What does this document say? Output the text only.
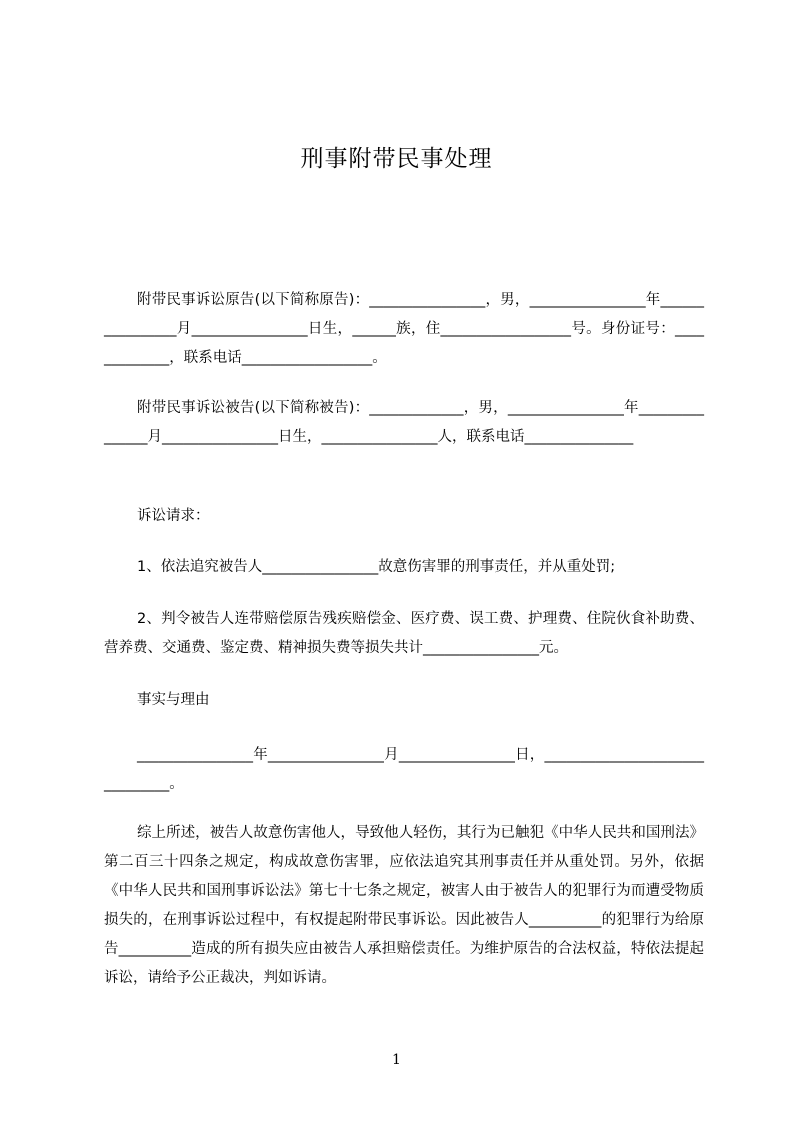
刑事附带民事处理

附带民事诉讼原告(以下简称原告)：________________，男，________________年________________月________________日生，______族，住__________________号。身份证号：_____________，联系电话__________________。

附带民事诉讼被告(以下简称被告)：_____________，男，________________年_______________月________________日生，________________人，联系电话_______________

诉讼请求：

1、依法追究被告人________________故意伤害罪的刑事责任，并从重处罚;

2、判令被告人连带赔偿原告残疾赔偿金、医疗费、误工费、护理费、住院伙食补助费、营养费、交通费、鉴定费、精神损失费等损失共计________________元。

事实与理由

________________年________________月________________日，_______________________________。

综上所述，被告人故意伤害他人，导致他人轻伤，其行为已触犯《中华人民共和国刑法》第二百三十四条之规定，构成故意伤害罪，应依法追究其刑事责任并从重处罚。另外，依据《中华人民共和国刑事诉讼法》第七十七条之规定，被害人由于被告人的犯罪行为而遭受物质损失的，在刑事诉讼过程中，有权提起附带民事诉讼。因此被告人__________的犯罪行为给原告__________造成的所有损失应由被告人承担赔偿责任。为维护原告的合法权益，特依法提起诉讼，请给予公正裁决，判如诉请。

1
